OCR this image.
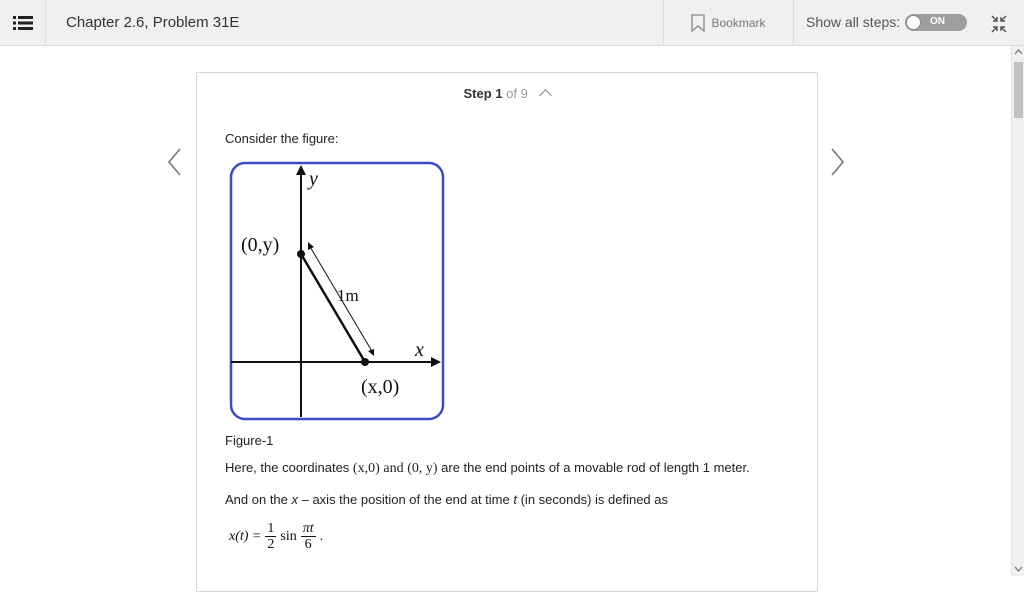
Chapter 2.6, Problem 31E	Bookmark	Show all steps:	ON
Step 1 of 9
Consider the figure:
y
x
(0,y)
(x,0)
1m
Figure-1
Here, the coordinates (x,0) and (0, y) are the end points of a movable rod of length 1 meter.
And on the x – axis the position of the end at time t (in seconds) is defined as
$x(t) = \frac{1}{2}$ sin πt
6
.
